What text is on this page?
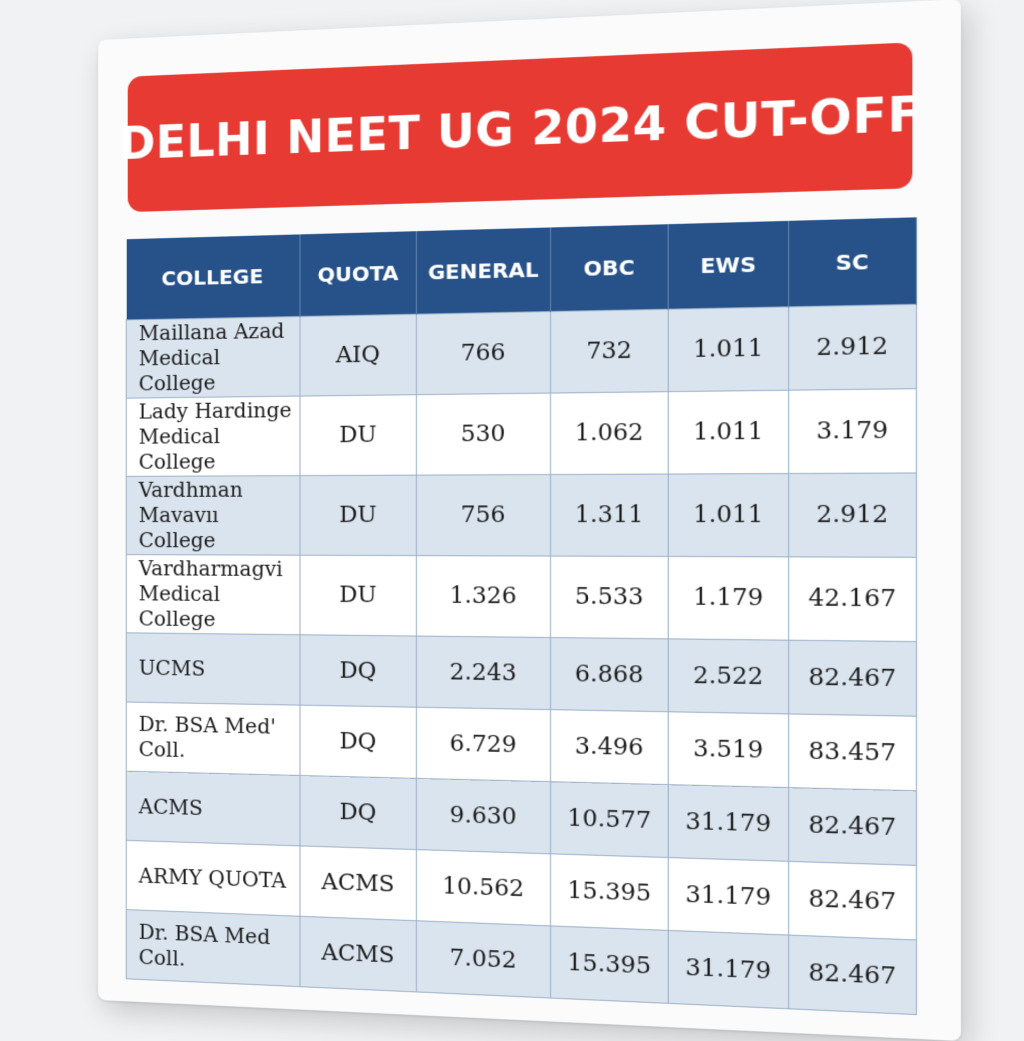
DELHI NEET UG 2024 CUT-OFF
COLLEGE	QUOTA	GENERAL	OBC	EWS	SC
Maillana Azad Medical College	AIQ	766	732	1.011	2.912
Lady Hardinge Medical College	DU	530	1.062	1.011	3.179
Vardhman Mavavıı College	DU	756	1.311	1.011	2.912
Vardharmagvi Medical College	DU	1.326	5.533	1.179	42.167
UCMS	DQ	2.243	6.868	2.522	82.467
Dr. BSA Med' Coll.	DQ	6.729	3.496	3.519	83.457
ACMS	DQ	9.630	10.577	31.179	82.467
ARMY QUOTA	ACMS	10.562	15.395	31.179	82.467
Dr. BSA Med Coll.	ACMS	7.052	15.395	31.179	82.467
